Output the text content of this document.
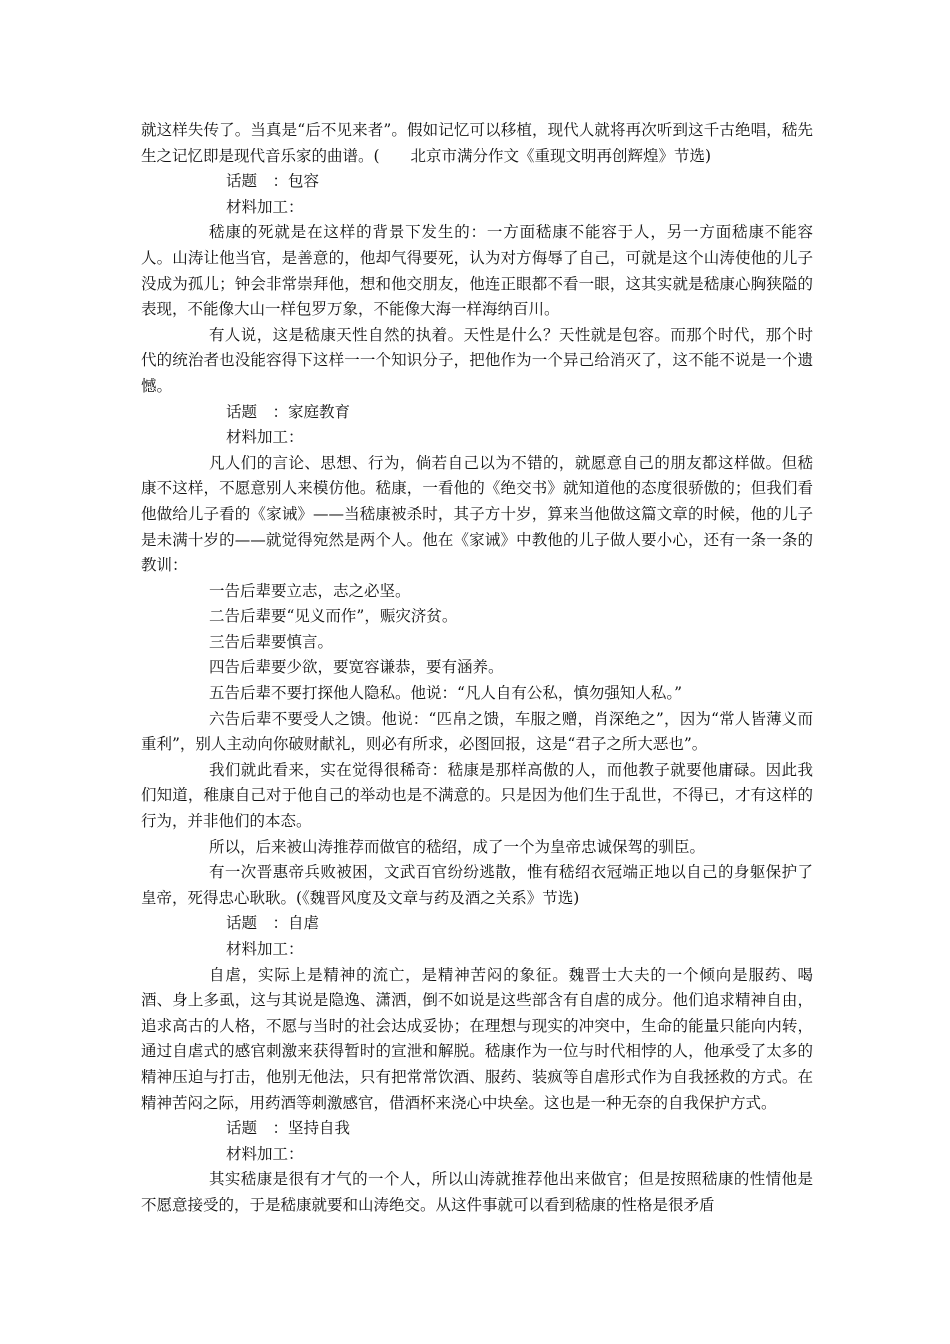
就这样失传了。当真是“后不见来者”。假如记忆可以移植，现代人就将再次听到这千古绝唱，嵇先生之记忆即是现代音乐家的曲谱。(　　北京市满分作文《重现文明再创辉煌》节选)

话题　：包容

材料加工：

嵇康的死就是在这样的背景下发生的：一方面嵇康不能容于人，另一方面嵇康不能容人。山涛让他当官，是善意的，他却气得要死，认为对方侮辱了自己，可就是这个山涛使他的儿子没成为孤儿；钟会非常崇拜他，想和他交朋友，他连正眼都不看一眼，这其实就是嵇康心胸狭隘的表现，不能像大山一样包罗万象，不能像大海一样海纳百川。

有人说，这是嵇康天性自然的执着。天性是什么？天性就是包容。而那个时代，那个时代的统治者也没能容得下这样一一个知识分子，把他作为一个异己给消灭了，这不能不说是一个遗憾。

话题　：家庭教育

材料加工：

凡人们的言论、思想、行为，倘若自己以为不错的，就愿意自己的朋友都这样做。但嵇康不这样，不愿意别人来模仿他。嵇康，一看他的《绝交书》就知道他的态度很骄傲的；但我们看他做给儿子看的《家诫》——当嵇康被杀时，其子方十岁，算来当他做这篇文章的时候，他的儿子是未满十岁的——就觉得宛然是两个人。他在《家诫》中教他的儿子做人要小心，还有一条一条的教训：

一告后辈要立志，志之必坚。

二告后辈要“见义而作”，赈灾济贫。

三告后辈要慎言。

四告后辈要少欲，要宽容谦恭，要有涵养。

五告后辈不要打探他人隐私。他说：“凡人自有公私，慎勿强知人私。”

六告后辈不要受人之馈。他说：“匹帛之馈，车服之赠，肖深绝之”，因为“常人皆薄义而重利”，别人主动向你破财献礼，则必有所求，必图回报，这是“君子之所大恶也”。

我们就此看来，实在觉得很稀奇：嵇康是那样高傲的人，而他教子就要他庸碌。因此我们知道，稚康自己对于他自己的举动也是不满意的。只是因为他们生于乱世，不得已，才有这样的行为，并非他们的本态。

所以，后来被山涛推荐而做官的嵇绍，成了一个为皇帝忠诚保驾的驯臣。

有一次晋惠帝兵败被困，文武百官纷纷逃散，惟有嵇绍衣冠端正地以自己的身躯保护了皇帝，死得忠心耿耿。(《魏晋风度及文章与药及酒之关系》节选)

话题　：自虐

材料加工：

自虐，实际上是精神的流亡，是精神苦闷的象征。魏晋士大夫的一个倾向是服药、喝酒、身上多虱，这与其说是隐逸、潇洒，倒不如说是这些部含有自虐的成分。他们追求精神自由，追求高古的人格，不愿与当时的社会达成妥协；在理想与现实的冲突中，生命的能量只能向内转，通过自虐式的感官刺激来获得暂时的宣泄和解脱。嵇康作为一位与时代相悖的人，他承受了太多的精神压迫与打击，他别无他法，只有把常常饮酒、服药、装疯等自虐形式作为自我拯救的方式。在精神苦闷之际，用药酒等刺激感官，借酒杯来浇心中块垒。这也是一种无奈的自我保护方式。

话题　：坚持自我

材料加工：

其实嵇康是很有才气的一个人，所以山涛就推荐他出来做官；但是按照嵇康的性情他是不愿意接受的，于是嵇康就要和山涛绝交。从这件事就可以看到嵇康的性格是很矛盾
